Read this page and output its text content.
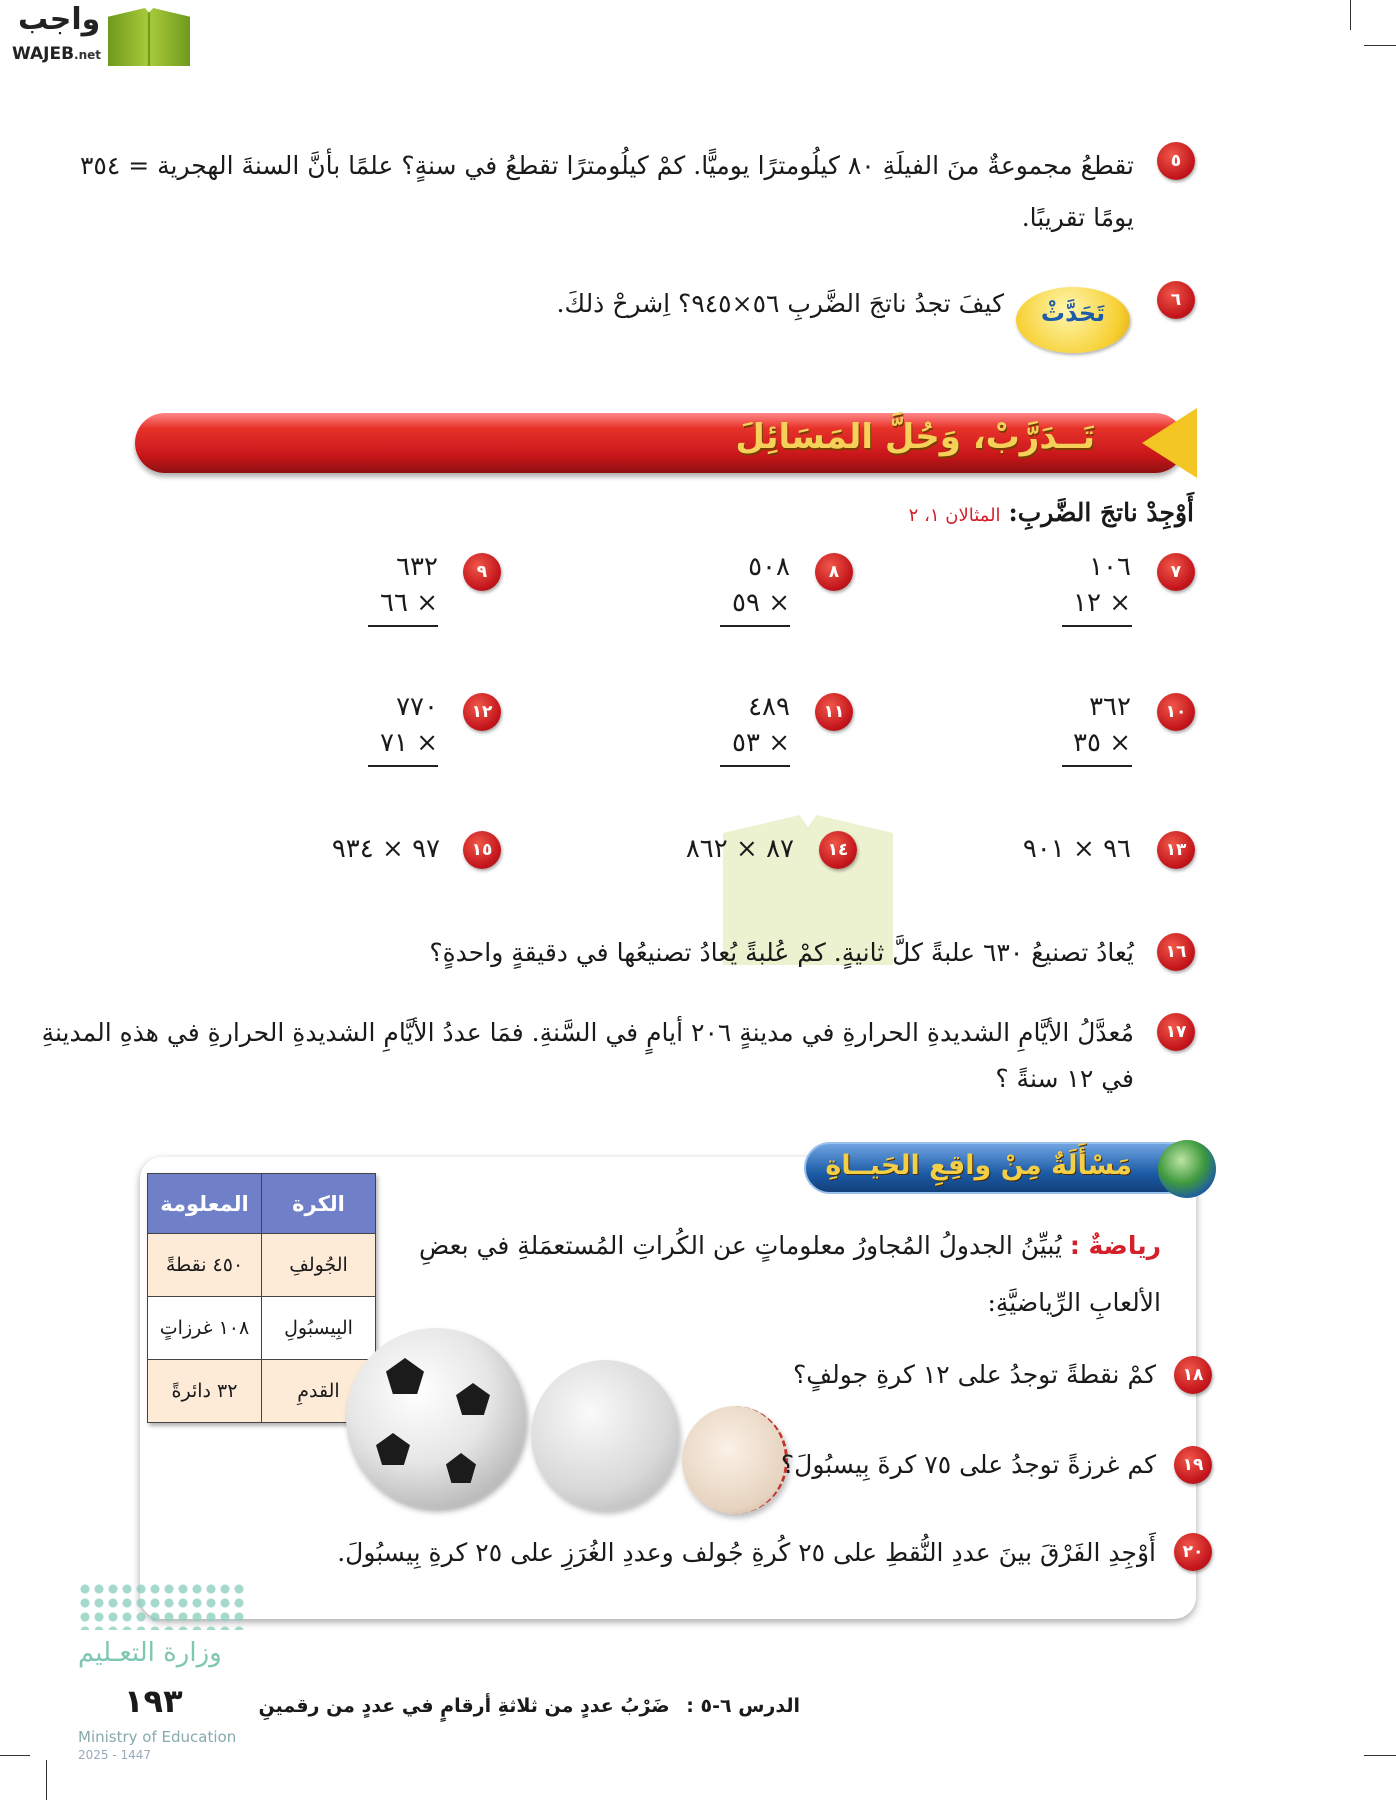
واجب
WAJEB.net
٥
تقطعُ مجموعةٌ منَ الفيلَةِ ٨٠ كيلُومترًا يوميًّا. كمْ كيلُومترًا تقطعُ في سنةٍ؟ علمًا بأنَّ السنةَ الهجرية = ٣٥٤
يومًا تقريبًا.
٦
تَحَدَّثْ
كيفَ تجدُ ناتجَ الضَّربِ ٥٦×٩٤٥؟ اِشرحْ ذلكَ.
تَــدَرَّبْ، وَحُلَّ المَسَائِلَ
أَوْجِدْ ناتجَ الضَّربِ: المثالان ١، ٢
٧
١٠٦
١٢ ×
٨
٥٠٨
٥٩ ×
٩
٦٣٢
٦٦ ×
١٠
٣٦٢
٣٥ ×
١١
٤٨٩
٥٣ ×
١٢
٧٧٠
٧١ ×
١٣
٩٦ × ٩٠١
١٤
٨٧ × ٨٦٢
١٥
٩٧ × ٩٣٤
١٦
يُعادُ تصنيعُ ٦٣٠ علبةً كلَّ ثانيةٍ. كمْ عُلبةً يُعادُ تصنيعُها في دقيقةٍ واحدةٍ؟
١٧
مُعدَّلُ الأيَّامِ الشديدةِ الحرارةِ في مدينةٍ ٢٠٦ أيامٍ في السَّنةِ. فمَا عددُ الأيَّامِ الشديدةِ الحرارةِ في هذهِ المدينةِ
في ١٢ سنةً ؟
مَسْأَلَةٌ مِنْ واقِعِ الحَيــاةِ
الكرة	المعلومة
الجُولفِ	٤٥٠ نقطةً
البِيسبُولِ	١٠٨ غرزاتٍ
القدمِ	٣٢ دائرةً
رياضةٌ : يُبيِّنُ الجدولُ المُجاورُ معلوماتٍ عن الكُراتِ المُستعمَلةِ في بعضِ
الألعابِ الرِّياضيَّةِ:
١٨
كمْ نقطةً توجدُ على ١٢ كرةِ جولفٍ؟
١٩
كم غرزةً توجدُ على ٧٥ كرةَ بِيسبُولَ؟
٢٠
أَوْجِدِ الفَرْقَ بينَ عددِ النُّقطِ على ٢٥ كُرةِ جُولف وعددِ الغُرَزِ على ٢٥ كرةِ بِيسبُولَ.
وزارة التعـليم
Ministry of Education
2025 - 1447
١٩٣	الدرس ٦-٥ : ضَرْبُ عددٍ من ثلاثةِ أرقامٍ في عددٍ من رقمينِ
